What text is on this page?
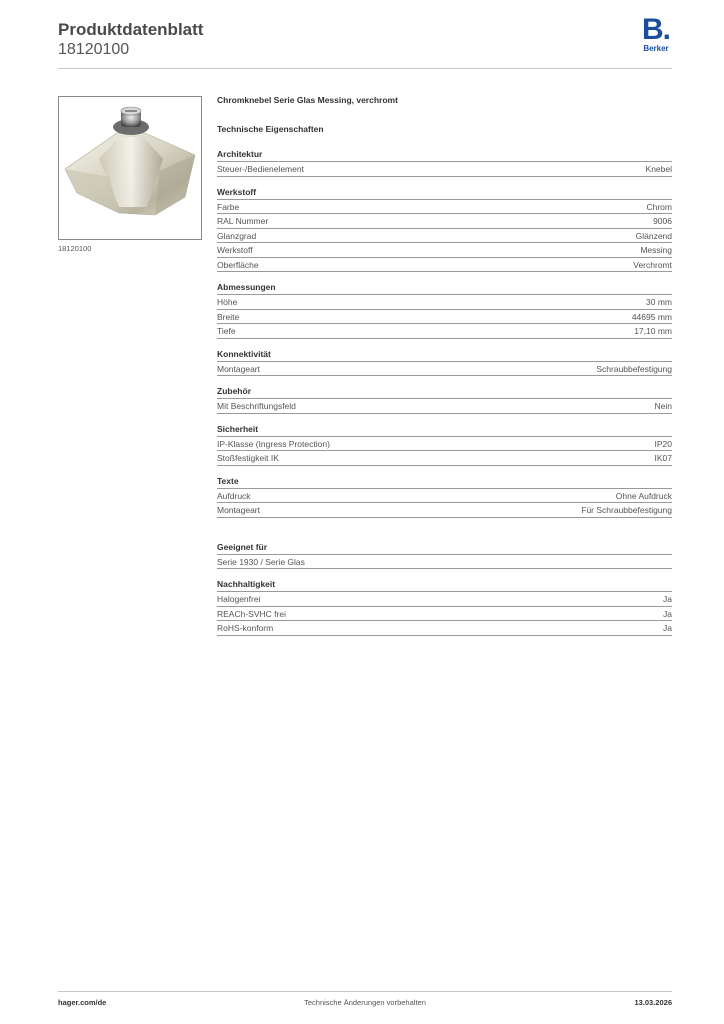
Produktdatenblatt
18120100
B.
Berker
18120100
Chromknebel Serie Glas Messing, verchromt
Technische Eigenschaften
Architektur
Steuer-/Bedienelement	Knebel
Werkstoff
Farbe	Chrom
RAL Nummer	9006
Glanzgrad	Glänzend
Werkstoff	Messing
Oberfläche	Verchromt
Abmessungen
Höhe	30 mm
Breite	44695 mm
Tiefe	17,10 mm
Konnektivität
Montageart	Schraubbefestigung
Zubehör
Mit Beschriftungsfeld	Nein
Sicherheit
IP-Klasse (Ingress Protection)	IP20
Stoßfestigkeit IK	IK07
Texte
Aufdruck	Ohne Aufdruck
Montageart	Für Schraubbefestigung
Geeignet für
Serie 1930 / Serie Glas
Nachhaltigkeit
Halogenfrei	Ja
REACh-SVHC frei	Ja
RoHS-konform	Ja
hager.com/de	Technische Änderungen vorbehalten	13.03.2026
